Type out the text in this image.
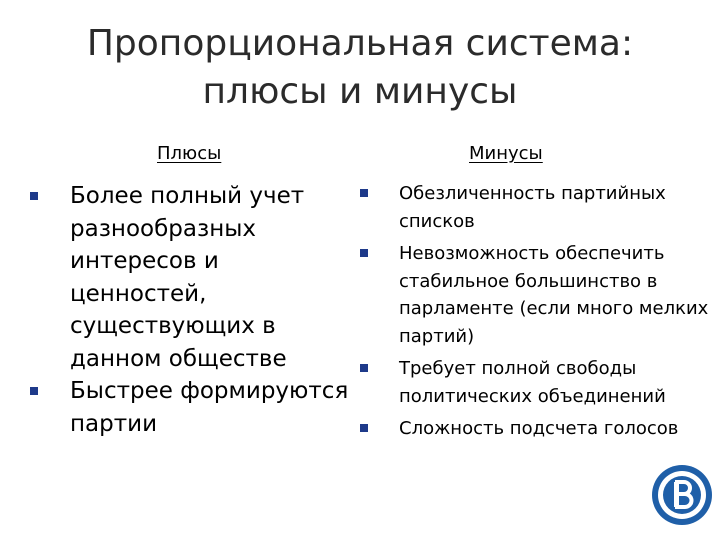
Пропорциональная система:
плюсы и минусы
Плюсы	Минусы
Более полный учет разнообразных интересов и ценностей, существующих в данном обществе
Быстрее формируются партии
Обезличенность партийных списков
Невозможность обеспечить стабильное большинство в парламенте (если много мелких партий)
Требует полной свободы политических объединений
Сложность подсчета голосов
